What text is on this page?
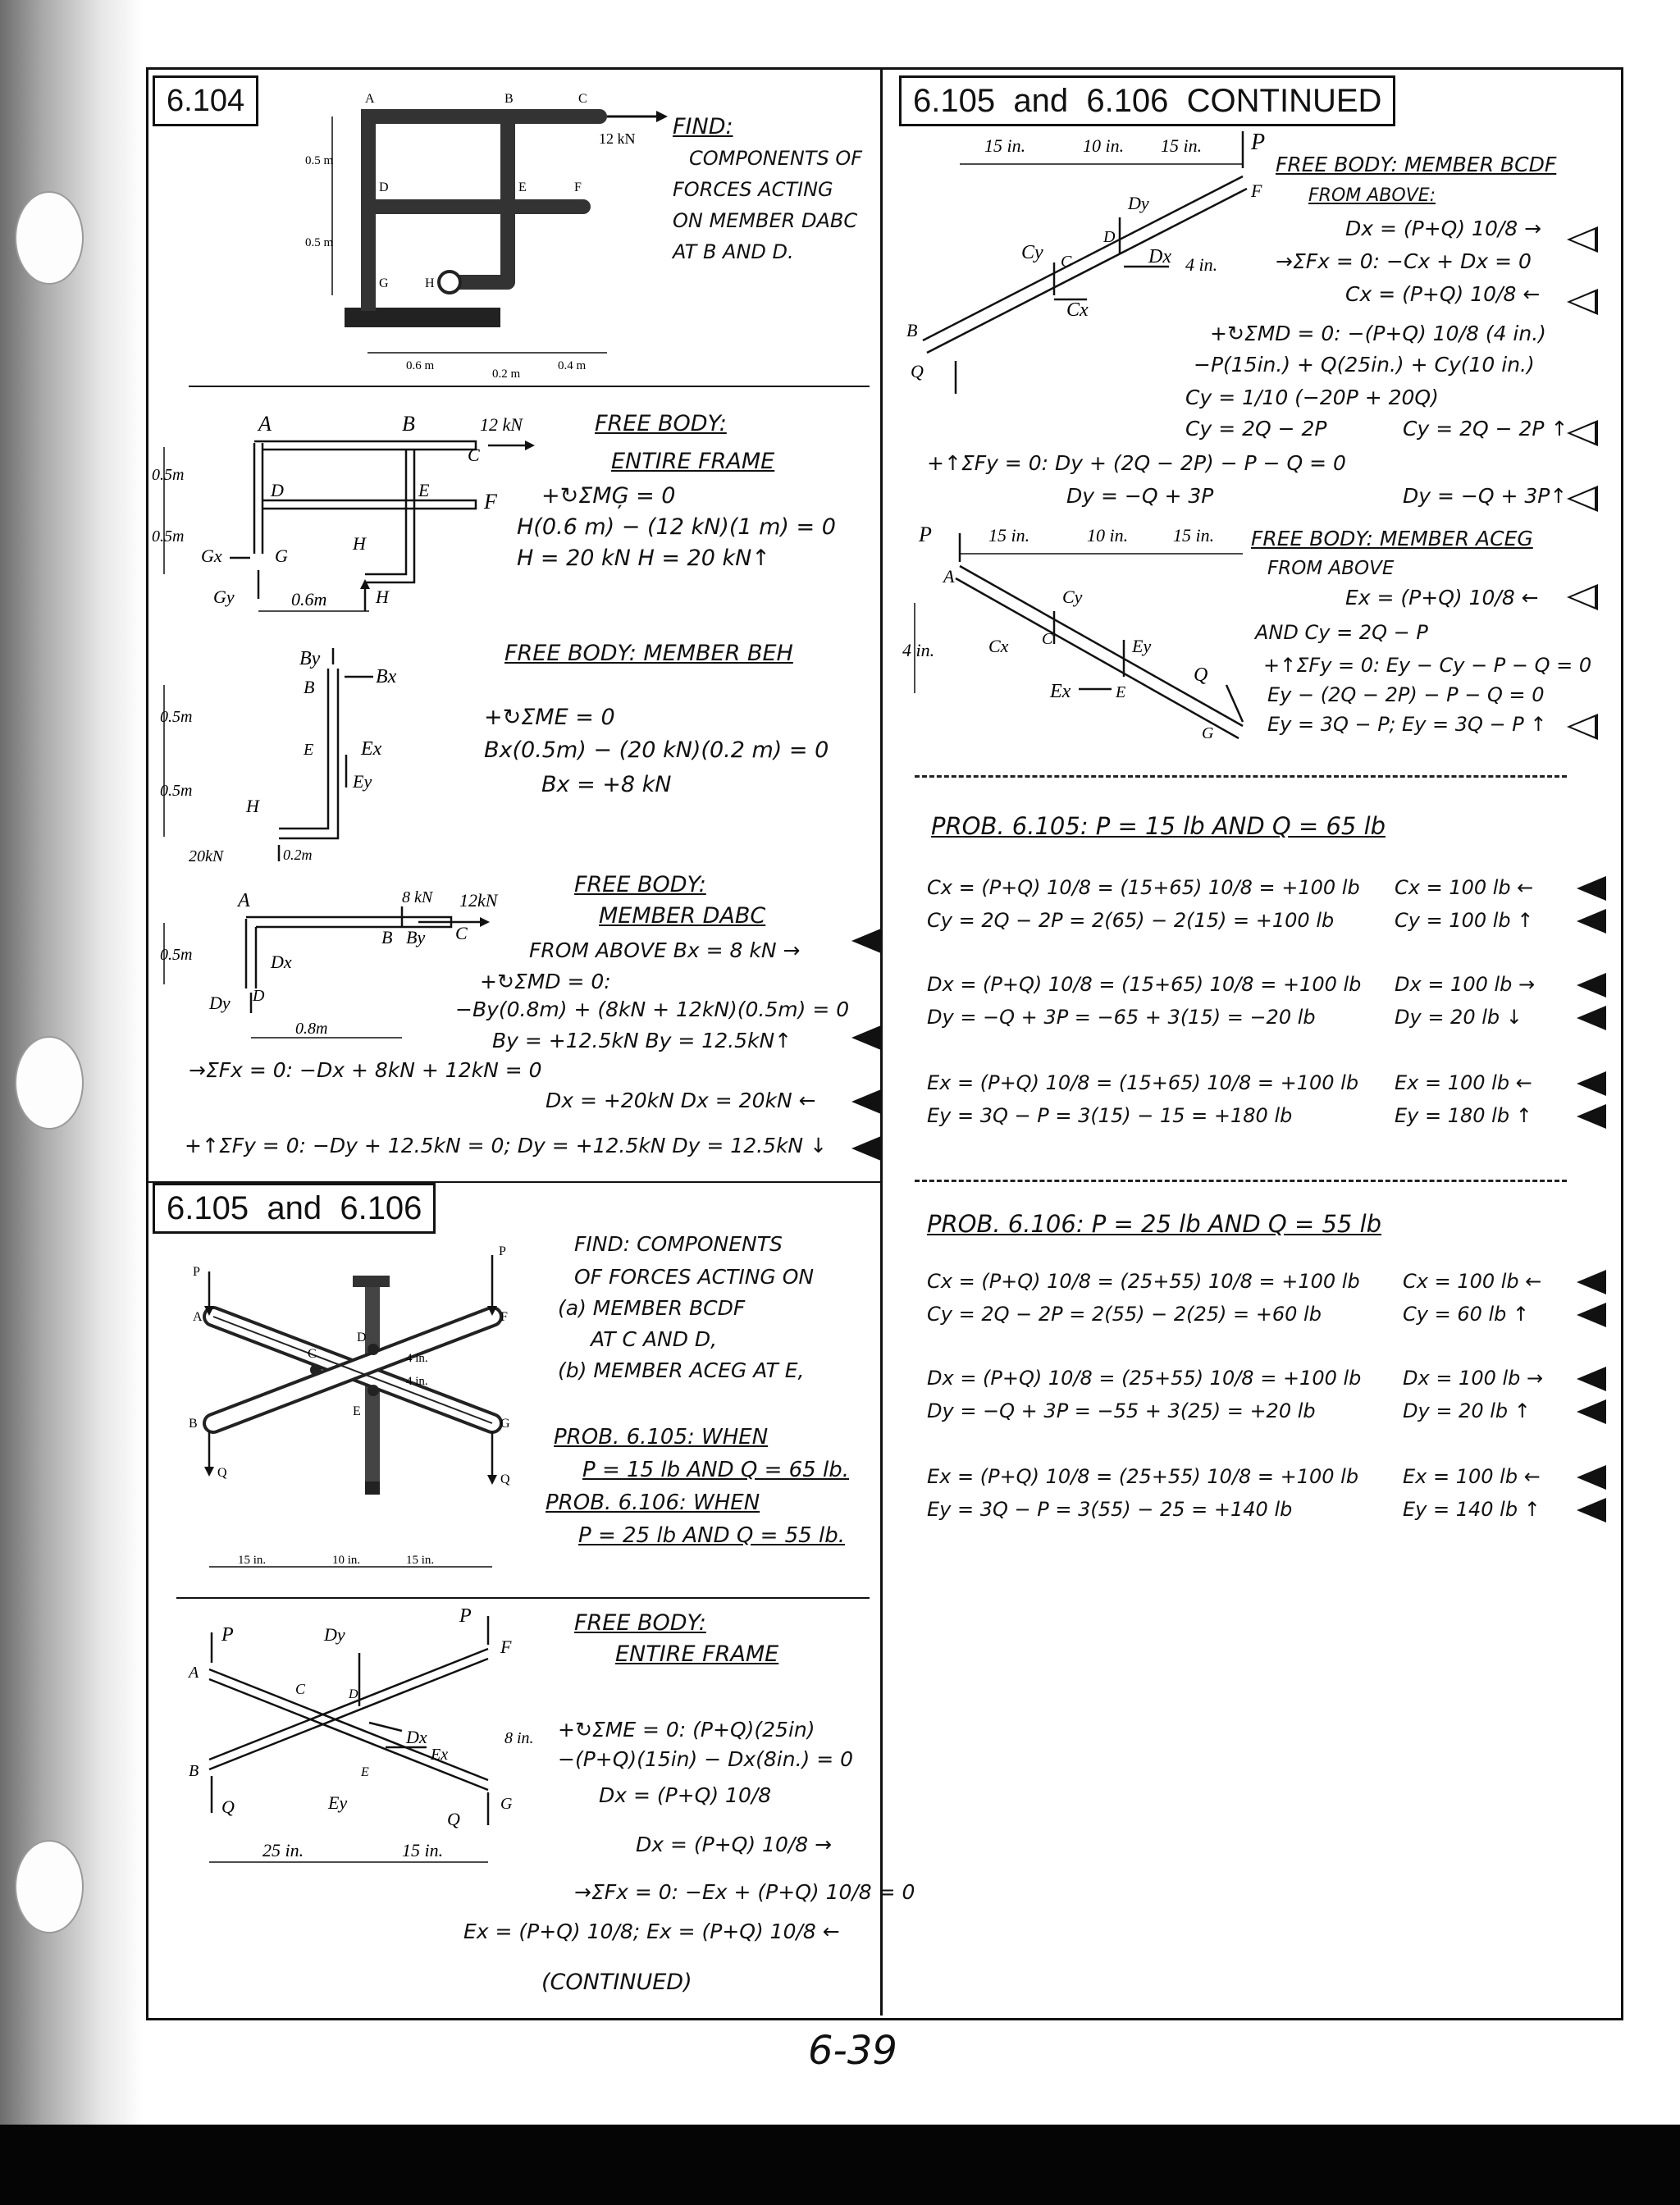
6.104	6.105 and 6.106 CONTINUED
6.105 and 6.106
A	B	C
12 kN
D	E	F
G	H
0.5 m
0.5 m
0.6 m
0.2 m
0.4 m
FIND:
COMPONENTS OF
FORCES ACTING
ON MEMBER DABC
AT B AND D.
A	B	12 kN
C
D	E	F
0.5m
0.5m
Gx	G
H
H
Gy	0.6m
FREE BODY:
ENTIRE FRAME
+↻ΣMĢ = 0
H(0.6 m) − (12 kN)(1 m) = 0
H = 20 kN H = 20 kN↑
By
B	Bx
0.5m
E Ex
Ey
0.5m
H
20kN	0.2m
FREE BODY: MEMBER BEH
+↻ΣME = 0
Bx(0.5m) − (20 kN)(0.2 m) = 0
Bx = +8 kN
A	8 kN 12kN
B By C
0.5m	Dx
D
Dy
0.8m
FREE BODY:
MEMBER DABC
FROM ABOVE Bx = 8 kN →
+↻ΣMD = 0:
−By(0.8m) + (8kN + 12kN)(0.5m) = 0
By = +12.5kN By = 12.5kN↑
→ΣFx = 0: −Dx + 8kN + 12kN = 0
Dx = +20kN Dx = 20kN ←
+↑ΣFy = 0: −Dy + 12.5kN = 0; Dy = +12.5kN Dy = 12.5kN ↓
P
P
A
C
D
F
4 in.
4 in.
B
E
G
Q	Q
15 in.	10 in.	15 in.
FIND: COMPONENTS
OF FORCES ACTING ON
(a) MEMBER BCDF
AT C AND D,
(b) MEMBER ACEG AT E,
PROB. 6.105: WHEN
P = 15 lb AND Q = 65 lb.
PROB. 6.106: WHEN
P = 25 lb AND Q = 55 lb.
P
P
Dy
F
A
C	D
Dx
Ex
8 in.
E
B
Q	Ey
Q
G
25 in.	15 in.
FREE BODY:
ENTIRE FRAME
+↻ΣME = 0: (P+Q)(25in)
−(P+Q)(15in) − Dx(8in.) = 0
Dx = (P+Q) 10/8
Dx = (P+Q) 10/8 →
→ΣFx = 0: −Ex + (P+Q) 10/8 = 0
Ex = (P+Q) 10/8; Ex = (P+Q) 10/8 ←
(CONTINUED)
15 in.	10 in. 15 in. P
Dy
F
Cy C
D
Dx 4 in.
Cx
B
Q
FREE BODY: MEMBER BCDF
FROM ABOVE:
Dx = (P+Q) 10/8 →
→ΣFx = 0: −Cx + Dx = 0
Cx = (P+Q) 10/8 ←
+↻ΣMD = 0: −(P+Q) 10/8 (4 in.)
−P(15in.) + Q(25in.) + Cy(10 in.)
Cy = 1/10 (−20P + 20Q)
Cy = 2Q − 2P	Cy = 2Q − 2P ↑
+↑ΣFy = 0: Dy + (2Q − 2P) − P − Q = 0
Dy = −Q + 3P	Dy = −Q + 3P↑
P	15 in.	10 in. 15 in.
A
Cy
Ey
4 in.	Cx C
Ex	E
Q
G
FREE BODY: MEMBER ACEG
FROM ABOVE
Ex = (P+Q) 10/8 ←
AND Cy = 2Q − P
+↑ΣFy = 0: Ey − Cy − P − Q = 0
Ey − (2Q − 2P) − P − Q = 0
Ey = 3Q − P; Ey = 3Q − P ↑
PROB. 6.105: P = 15 lb AND Q = 65 lb
Cx = (P+Q) 10/8 = (15+65) 10/8 = +100 lb Cx = 100 lb ←
Cy = 2Q − 2P = 2(65) − 2(15) = +100 lb	Cy = 100 lb ↑
Dx = (P+Q) 10/8 = (15+65) 10/8 = +100 lb Dx = 100 lb →
Dy = −Q + 3P = −65 + 3(15) = −20 lb	Dy = 20 lb ↓
Ex = (P+Q) 10/8 = (15+65) 10/8 = +100 lb Ex = 100 lb ←
Ey = 3Q − P = 3(15) − 15 = +180 lb	Ey = 180 lb ↑
PROB. 6.106: P = 25 lb AND Q = 55 lb
Cx = (P+Q) 10/8 = (25+55) 10/8 = +100 lb Cx = 100 lb ←
Cy = 2Q − 2P = 2(55) − 2(25) = +60 lb	Cy = 60 lb ↑
Dx = (P+Q) 10/8 = (25+55) 10/8 = +100 lb Dx = 100 lb →
Dy = −Q + 3P = −55 + 3(25) = +20 lb	Dy = 20 lb ↑
Ex = (P+Q) 10/8 = (25+55) 10/8 = +100 lb Ex = 100 lb ←
Ey = 3Q − P = 3(55) − 25 = +140 lb	Ey = 140 lb ↑
6-39
